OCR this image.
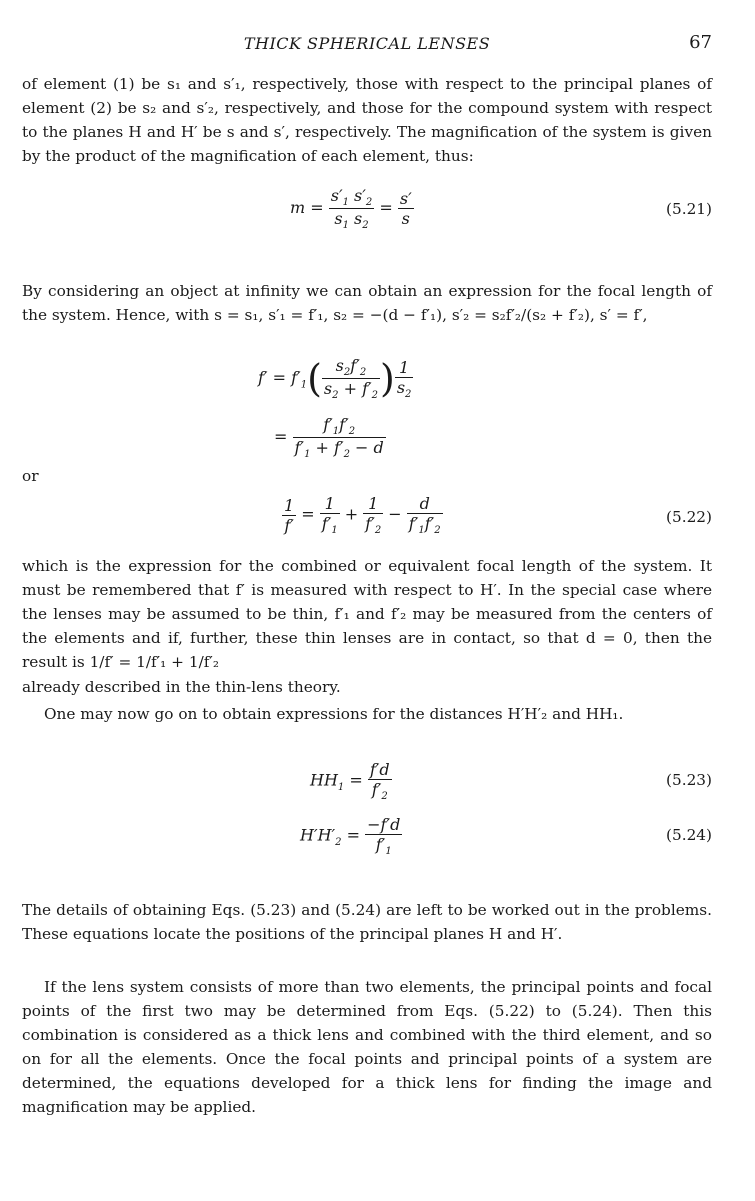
THICK SPHERICAL LENSES	67

of element (1) be s₁ and s′₁, respectively, those with respect to the principal planes of element (2) be s₂ and s′₂, respectively, and those for the compound system with respect to the planes H and H′ be s and s′, respectively. The magnification of the system is given by the product of the magnification of each element, thus:

$m = \frac{s'_1 s'_2}{s_1 s_2} = \frac{s'}{s}$	(5.21)

By considering an object at infinity we can obtain an expression for the focal length of the system. Hence, with s = s₁, s′₁ = f′₁, s₂ = −(d − f′₁), s′₂ = s₂f′₂/(s₂ + f′₂), s′ = f′,

$f' = f'_1( \frac{s_2f'_2}{s_2 + f'_2}$ ) $\frac{1}{s_2}$
= $\frac{f'_1f'_2}{f'_1 + f'_2 - d}$
or
$\frac{1}{f'} = \frac{1}{f'_1} + \frac{1}{f'_2} - \frac{d}{f'_1f'_2}$	(5.22)

which is the expression for the combined or equivalent focal length of the system. It must be remembered that f′ is measured with respect to H′. In the special case where the lenses may be assumed to be thin, f′₁ and f′₂ may be measured from the centers of the elements and if, further, these thin lenses are in contact, so that d = 0, then the result is 1/f′ = 1/f′₁ + 1/f′₂

already described in the thin-lens theory.

One may now go on to obtain expressions for the distances H′H′₂ and HH₁.

$HH_1 = \frac{f'd}{f'_2}$	(5.23)
$H'H'_2 = \frac{-f'd}{f'_1}$	(5.24)

The details of obtaining Eqs. (5.23) and (5.24) are left to be worked out in the problems. These equations locate the positions of the principal planes H and H′.

If the lens system consists of more than two elements, the principal points and focal points of the first two may be determined from Eqs. (5.22) to (5.24). Then this combination is considered as a thick lens and combined with the third element, and so on for all the elements. Once the focal points and principal points of a system are determined, the equations developed for a thick lens for finding the image and magnification may be applied.
